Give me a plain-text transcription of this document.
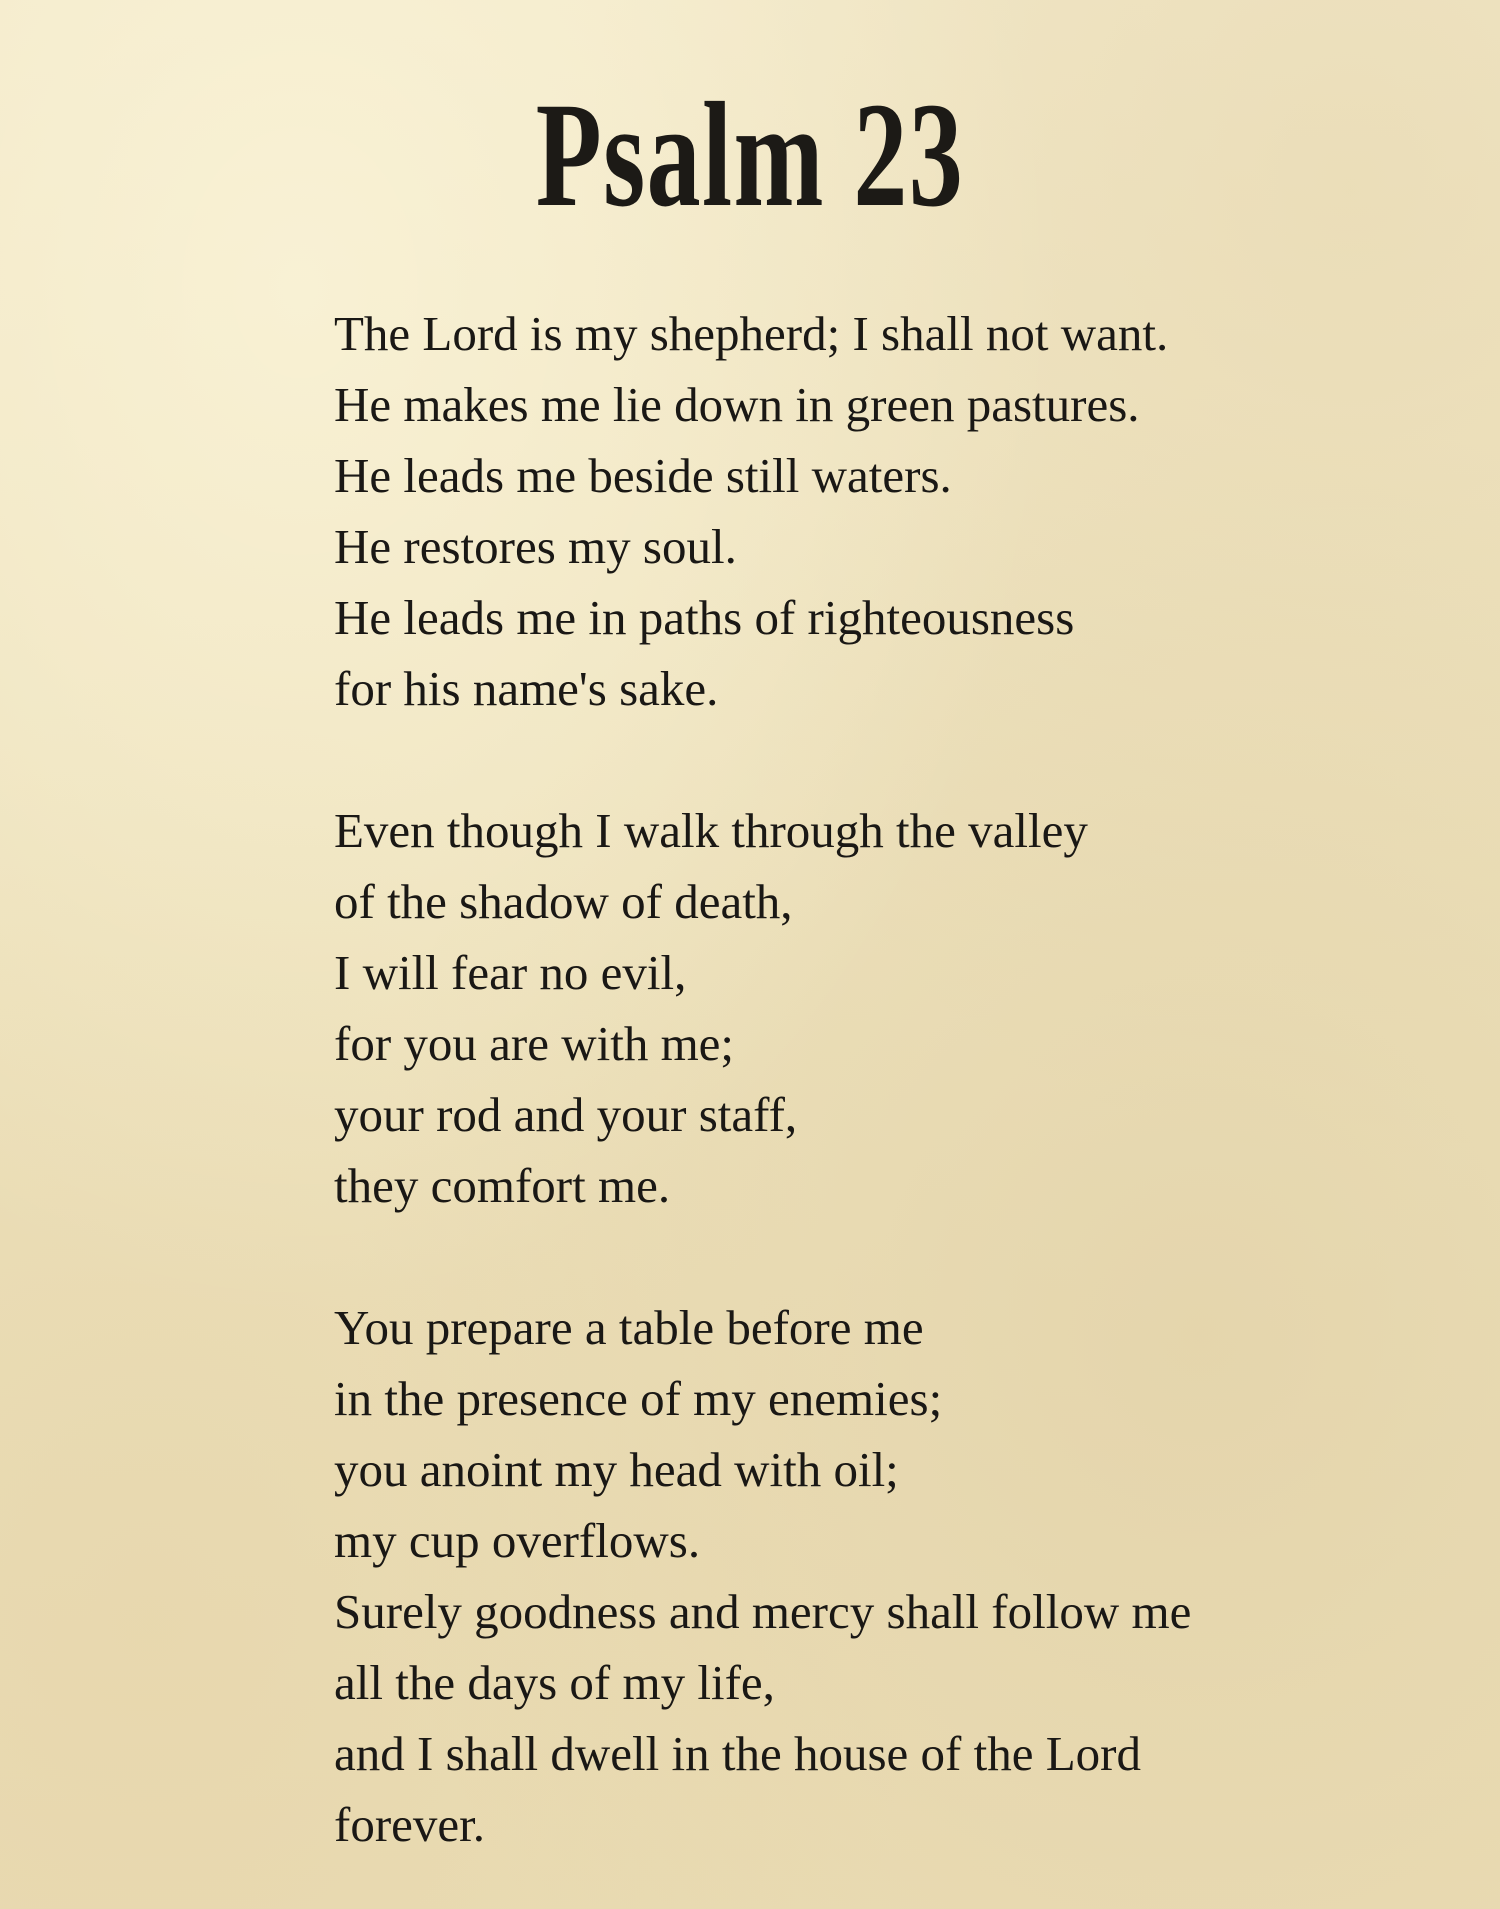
Psalm 23

The Lord is my shepherd; I shall not want.
He makes me lie down in green pastures.
He leads me beside still waters.
He restores my soul.
He leads me in paths of righteousness
for his name's sake.

Even though I walk through the valley
of the shadow of death,
I will fear no evil,
for you are with me;
your rod and your staff,
they comfort me.

You prepare a table before me
in the presence of my enemies;
you anoint my head with oil;
my cup overflows.
Surely goodness and mercy shall follow me
all the days of my life,
and I shall dwell in the house of the Lord
forever.
